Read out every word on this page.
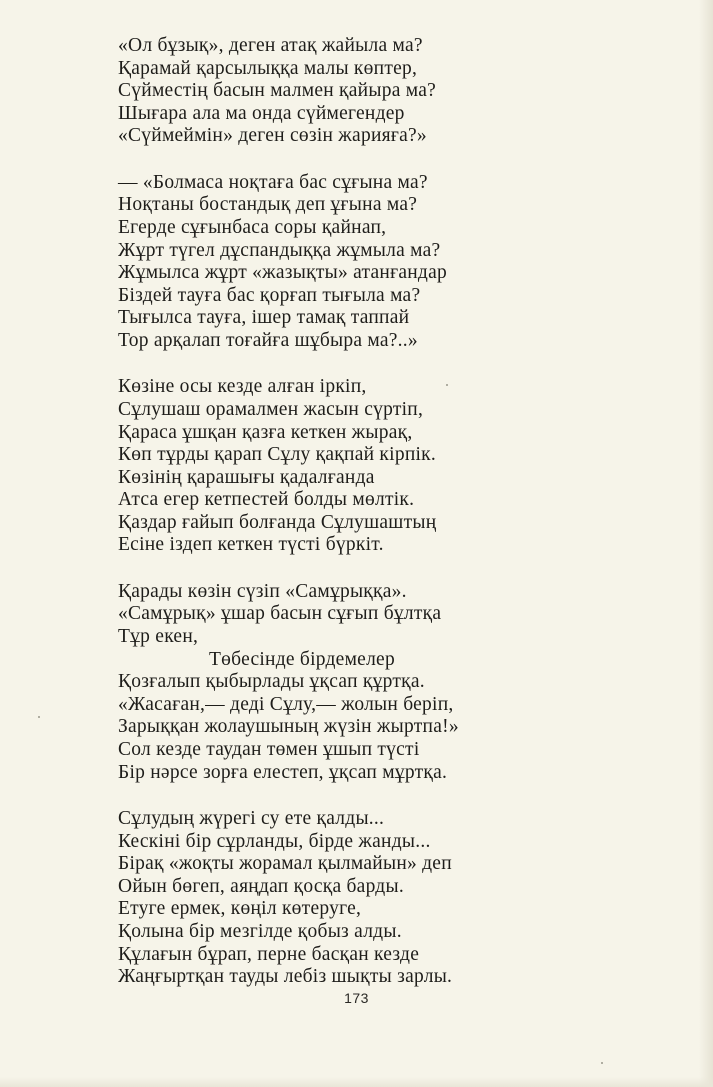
«Ол бұзық», деген атақ жайыла ма?
Қарамай қарсылыққа малы көптер,
Сүйместің басын малмен қайыра ма?
Шығара ала ма онда сүймегендер
«Сүймеймін» деген сөзін жарияға?»
— «Болмаса ноқтаға бас сұғына ма?
Ноқтаны бостандық деп ұғына ма?
Егерде сұғынбаса соры қайнап,
Жұрт түгел дұспандыққа жұмыла ма?
Жұмылса жұрт «жазықты» атанғандар
Біздей тауға бас қорғап тығыла ма?
Тығылса тауға, ішер тамақ таппай
Тор арқалап тоғайға шұбыра ма?..»
Көзіне осы кезде алған іркіп,
Сұлушаш орамалмен жасын сүртіп,
Қараса ұшқан қазға кеткен жырақ,
Көп тұрды қарап Сұлу қақпай кірпік.
Көзінің қарашығы қадалғанда
Атса егер кетпестей болды мөлтік.
Қаздар ғайып болғанда Сұлушаштың
Есіне іздеп кеткен түсті бүркіт.
Қарады көзін сүзіп «Самұрыққа».
«Самұрық» ұшар басын сұғып бұлтқа
Тұр екен,
Төбесінде бірдемелер
Қозғалып қыбырлады ұқсап құртқа.
«Жасаған,— деді Сұлу,— жолын беріп,
Зарыққан жолаушының жүзін жыртпа!»
Сол кезде таудан төмен ұшып түсті
Бір нәрсе зорға елестеп, ұқсап мұртқа.
Сұлудың жүрегі су ете қалды...
Кескіні бір сұрланды, бірде жанды...
Бірақ «жоқты жорамал қылмайын» деп
Ойын бөгеп, аяңдап қосқа барды.
Етуге ермек, көңіл көтеруге,
Қолына бір мезгілде қобыз алды.
Құлағын бұрап, перне басқан кезде
Жаңғыртқан тауды лебіз шықты зарлы.
173
